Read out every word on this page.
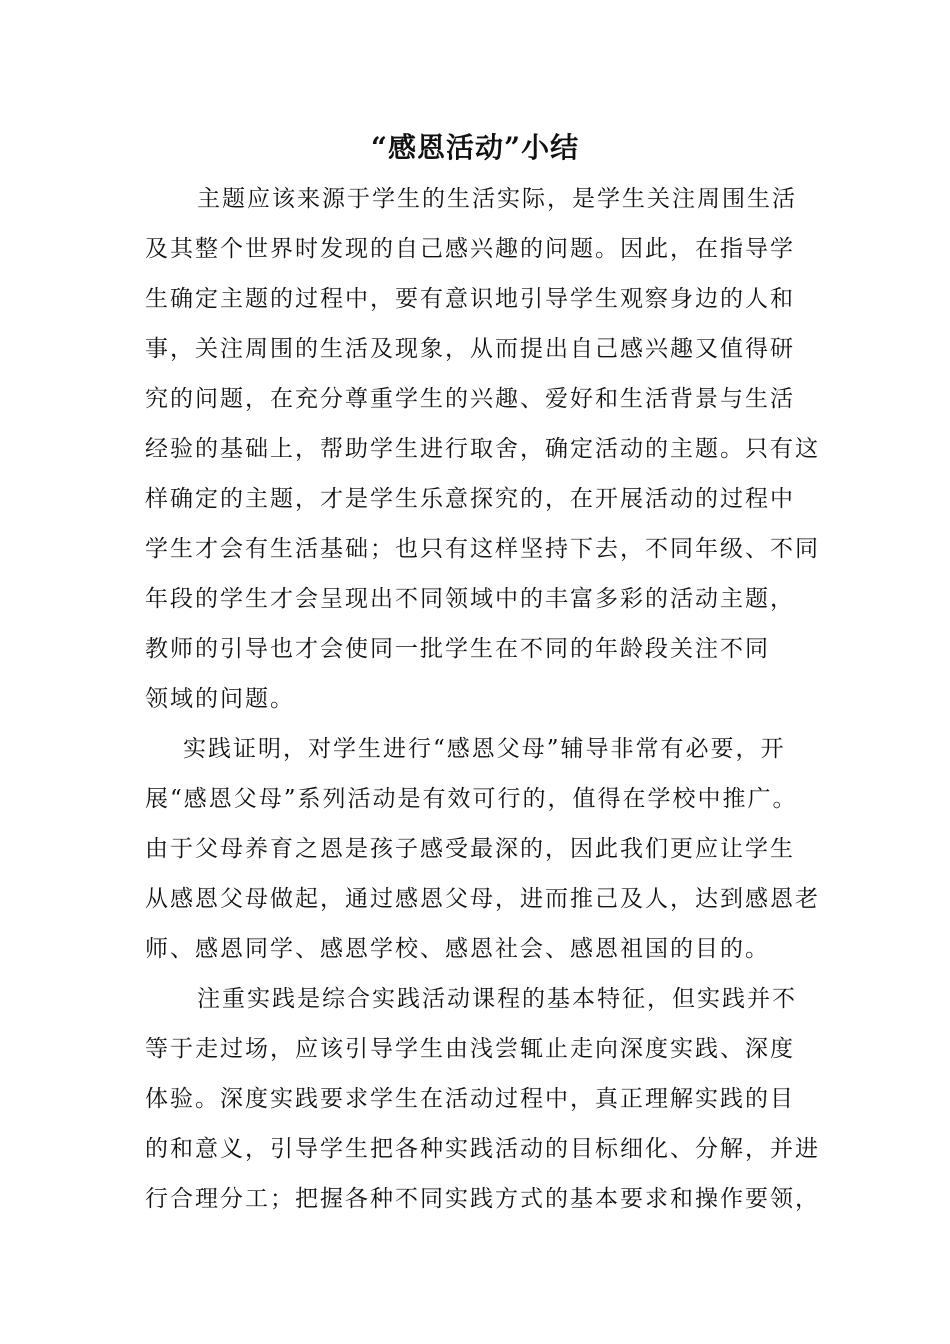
“感恩活动”小结
主题应该来源于学生的生活实际，是学生关注周围生活
及其整个世界时发现的自己感兴趣的问题。因此，在指导学
生确定主题的过程中，要有意识地引导学生观察身边的人和
事，关注周围的生活及现象，从而提出自己感兴趣又值得研
究的问题，在充分尊重学生的兴趣、爱好和生活背景与生活
经验的基础上，帮助学生进行取舍，确定活动的主题。只有这
样确定的主题，才是学生乐意探究的，在开展活动的过程中
学生才会有生活基础；也只有这样坚持下去，不同年级、不同
年段的学生才会呈现出不同领域中的丰富多彩的活动主题，
教师的引导也才会使同一批学生在不同的年龄段关注不同
领域的问题。
实践证明，对学生进行“感恩父母”辅导非常有必要，开
展“感恩父母”系列活动是有效可行的，值得在学校中推广。
由于父母养育之恩是孩子感受最深的，因此我们更应让学生
从感恩父母做起，通过感恩父母，进而推己及人，达到感恩老
师、感恩同学、感恩学校、感恩社会、感恩祖国的目的。
注重实践是综合实践活动课程的基本特征，但实践并不
等于走过场，应该引导学生由浅尝辄止走向深度实践、深度
体验。深度实践要求学生在活动过程中，真正理解实践的目
的和意义，引导学生把各种实践活动的目标细化、分解，并进
行合理分工；把握各种不同实践方式的基本要求和操作要领，
